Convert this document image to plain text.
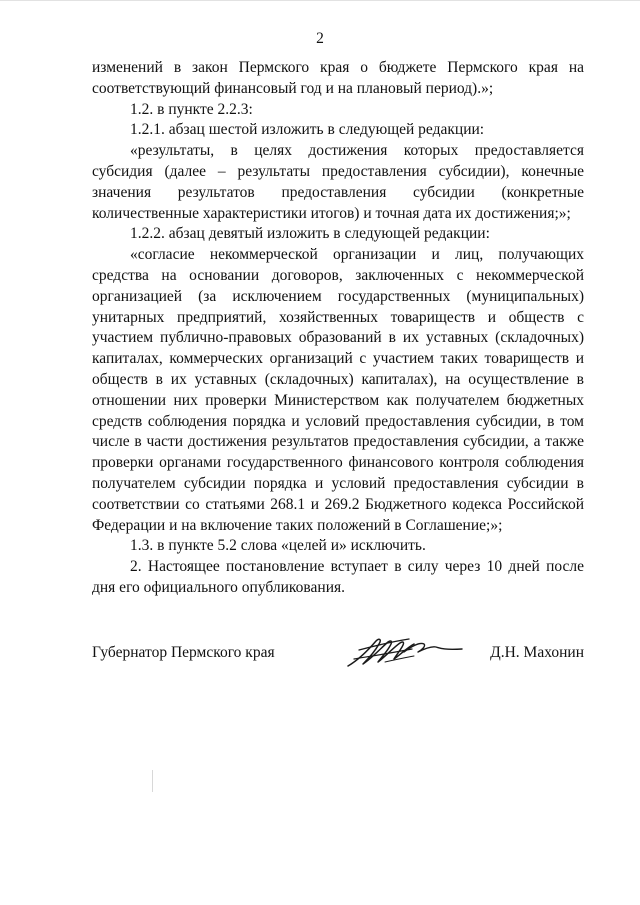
2

изменений в закон Пермского края о бюджете Пермского края на соответствующий финансовый год и на плановый период).»;

1.2. в пункте 2.2.3:

1.2.1. абзац шестой изложить в следующей редакции:

«результаты, в целях достижения которых предоставляется субсидия (далее – результаты предоставления субсидии), конечные значения результатов предоставления субсидии (конкретные количественные характеристики итогов) и точная дата их достижения;»;

1.2.2. абзац девятый изложить в следующей редакции:

«согласие некоммерческой организации и лиц, получающих средства на основании договоров, заключенных с некоммерческой организацией (за исключением государственных (муниципальных) унитарных предприятий, хозяйственных товариществ и обществ с участием публично-правовых образований в их уставных (складочных) капиталах, коммерческих организаций с участием таких товариществ и обществ в их уставных (складочных) капиталах), на осуществление в отношении них проверки Министерством как получателем бюджетных средств соблюдения порядка и условий предоставления субсидии, в том числе в части достижения результатов предоставления субсидии, а также проверки органами государственного финансового контроля соблюдения получателем субсидии порядка и условий предоставления субсидии в соответствии со статьями 268.1 и 269.2 Бюджетного кодекса Российской Федерации и на включение таких положений в Соглашение;»;

1.3. в пункте 5.2 слова «целей и» исключить.

2. Настоящее постановление вступает в силу через 10 дней после дня его официального опубликования.

Губернатор Пермского края	Д.Н. Махонин
